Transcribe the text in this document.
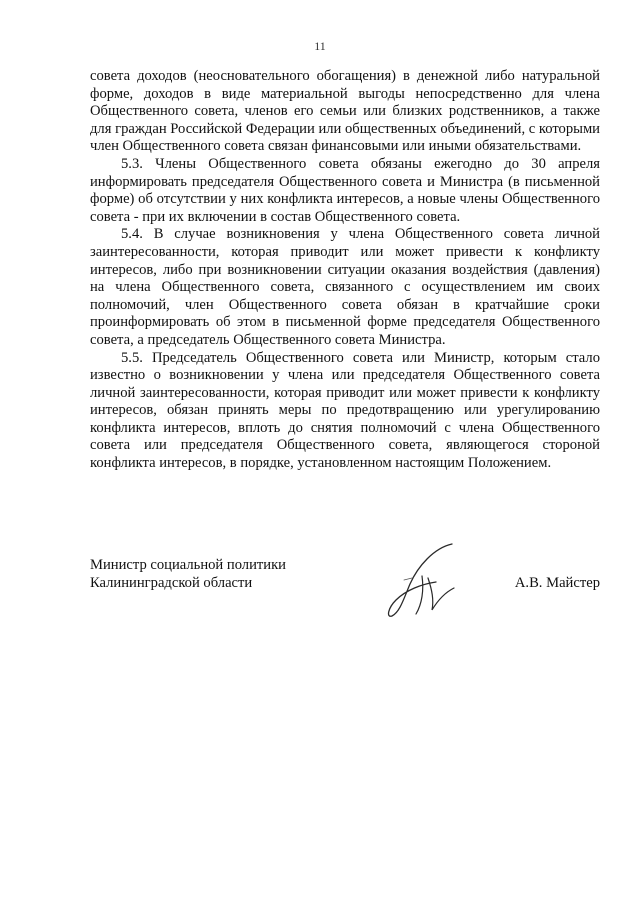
11

совета доходов (неосновательного обогащения) в денежной либо натуральной форме, доходов в виде материальной выгоды непосредственно для члена Общественного совета, членов его семьи или близких родственников, а также для граждан Российской Федерации или общественных объединений, с которыми член Общественного совета связан финансовыми или иными обязательствами.

5.3. Члены Общественного совета обязаны ежегодно до 30 апреля информировать председателя Общественного совета и Министра (в письменной форме) об отсутствии у них конфликта интересов, а новые члены Общественного совета - при их включении в состав Общественного совета.

5.4. В случае возникновения у члена Общественного совета личной заинтересованности, которая приводит или может привести к конфликту интересов, либо при возникновении ситуации оказания воздействия (давления) на члена Общественного совета, связанного с осуществлением им своих полномочий, член Общественного совета обязан в кратчайшие сроки проинформировать об этом в письменной форме председателя Общественного совета, а председатель Общественного совета Министра.

5.5. Председатель Общественного совета или Министр, которым стало известно о возникновении у члена или председателя Общественного совета личной заинтересованности, которая приводит или может привести к конфликту интересов, обязан принять меры по предотвращению или урегулированию конфликта интересов, вплоть до снятия полномочий с члена Общественного совета или председателя Общественного совета, являющегося стороной конфликта интересов, в порядке, установленном настоящим Положением.

Министр социальной политики
Калининградской области	А.В. Майстер
